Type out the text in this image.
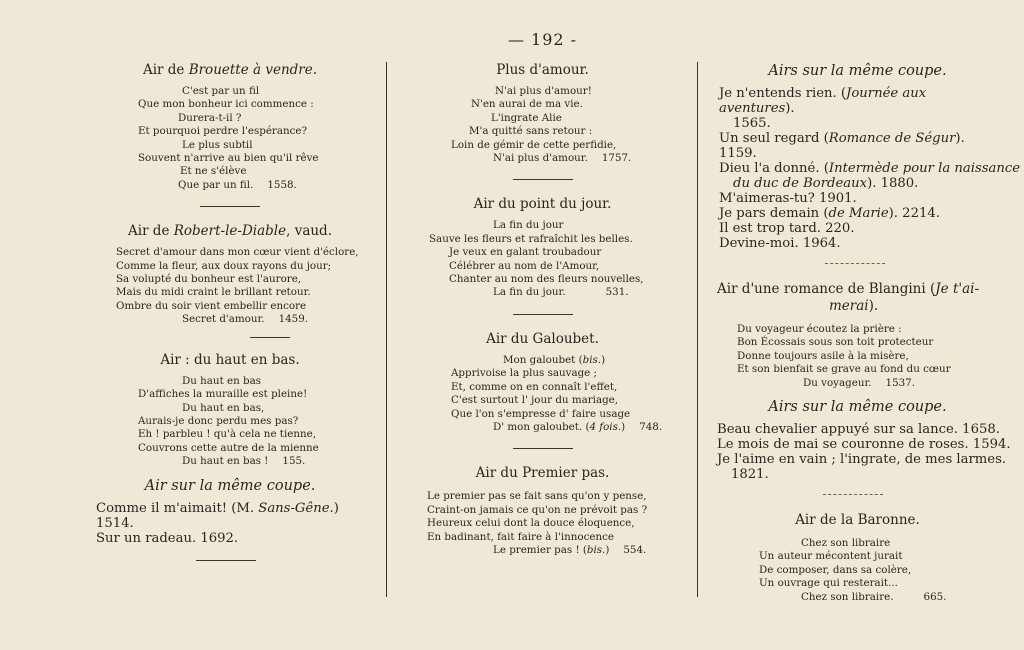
— 192 -
Air de Brouette à vendre.
C'est par un fil
Que mon bonheur ici commence :
Durera-t-il ?
Et pourquoi perdre l'espérance?
Le plus subtil
Souvent n'arrive au bien qu'il rêve
Et ne s'élève
Que par un fil. 1558.
Air de Robert-le-Diable, vaud.
Secret d'amour dans mon cœur vient d'éclore,
Comme la fleur, aux doux rayons du jour;
Sa volupté du bonheur est l'aurore,
Mais du midi craint le brillant retour.
Ombre du soir vient embellir encore
Secret d'amour. 1459.
Air : du haut en bas.
Du haut en bas
D'affiches la muraille est pleine!
Du haut en bas,
Aurais-je donc perdu mes pas?
Eh ! parbleu ! qu'à cela ne tienne,
Couvrons cette autre de la mienne
Du haut en bas ! 155.
Air sur la même coupe.
Comme il m'aimait! (M. Sans-Gêne.) 1514.
Sur un radeau. 1692.
Plus d'amour.
N'ai plus d'amour!
N'en aurai de ma vie.
L'ingrate Alie
M'a quitté sans retour :
Loin de gémir de cette perfidie,
N'ai plus d'amour. 1757.
Air du point du jour.
La fin du jour
Sauve les fleurs et rafraîchit les belles.
Je veux en galant troubadour
Célébrer au nom de l'Amour,
Chanter au nom des fleurs nouvelles,
La fin du jour.	531.
Air du Galoubet.
Mon galoubet (bis.)
Apprivoise la plus sauvage ;
Et, comme on en connaît l'effet,
C'est surtout l' jour du mariage,
Que l'on s'empresse d' faire usage
D' mon galoubet. (4 fois.) 748.
Air du Premier pas.
Le premier pas se fait sans qu'on y pense,
Craint-on jamais ce qu'on ne prévoit pas ?
Heureux celui dont la douce éloquence,
En badinant, fait faire à l'innocence
Le premier pas ! (bis.) 554.
Airs sur la même coupe.
Je n'entends rien. (Journée aux aventures).
1565.
Un seul regard (Romance de Ségur). 1159.
Dieu l'a donné. (Intermède pour la naissance
du duc de Bordeaux). 1880.
M'aimeras-tu? 1901.
Je pars demain (de Marie). 2214.
Il est trop tard. 220.
Devine-moi. 1964.
Air d'une romance de Blangini (Je t'ai-
merai).
Du voyageur écoutez la prière :
Bon Écossais sous son toit protecteur
Donne toujours asile à la misère,
Et son bienfait se grave au fond du cœur
Du voyageur. 1537.
Airs sur la même coupe.
Beau chevalier appuyé sur sa lance. 1658.
Le mois de mai se couronne de roses. 1594.
Je l'aime en vain ; l'ingrate, de mes larmes.
1821.
Air de la Baronne.
Chez son libraire
Un auteur mécontent jurait
De composer, dans sa colère,
Un ouvrage qui resterait...
Chez son libraire.	665.
